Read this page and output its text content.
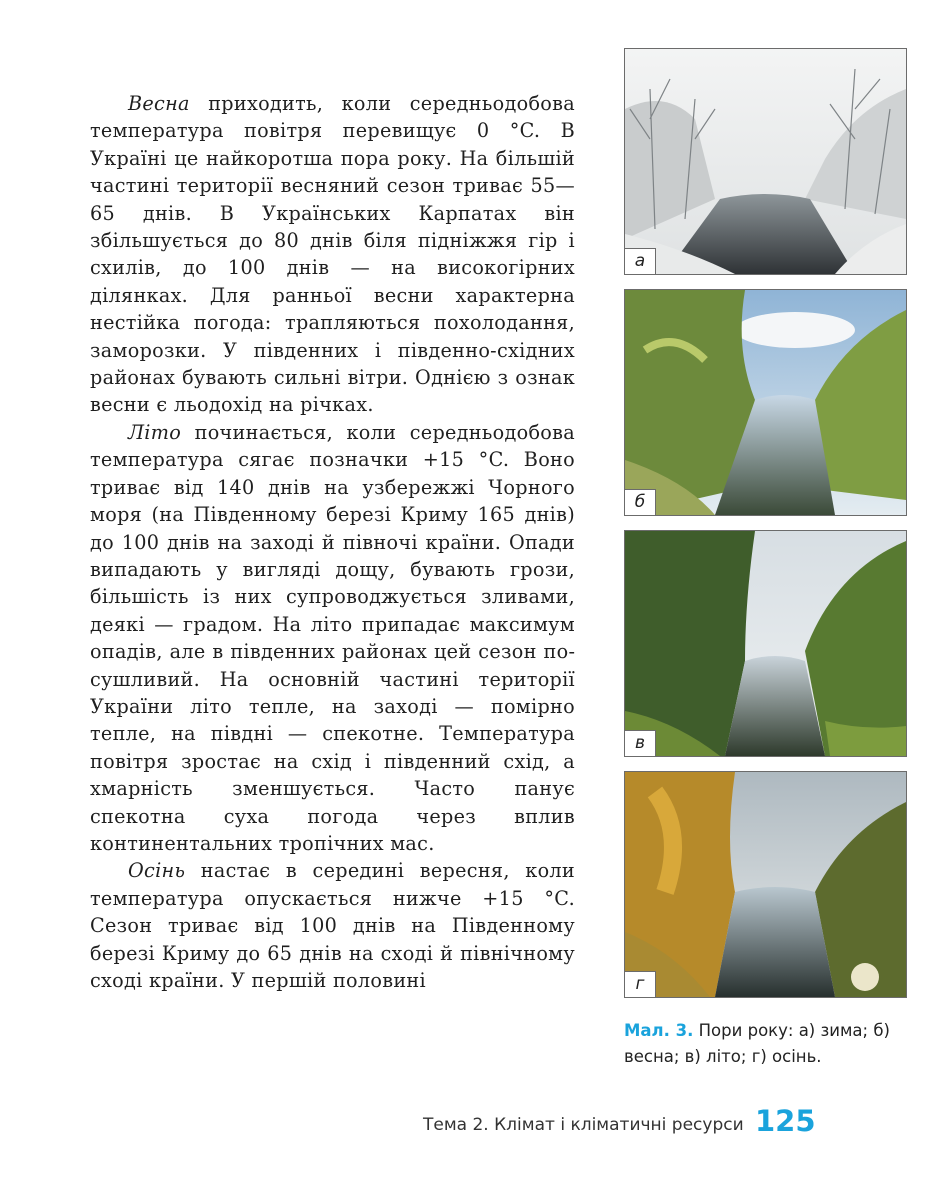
Весна приходить, коли середньодобова температура повітря перевищує 0 °C. В Україні це найкоротша пора року. На більшій частині території весняний сезон триває 55—65 днів. В Українських Карпатах він збільшується до 80 днів біля підніжжя гір і схилів, до 100 днів — на високогірних ділянках. Для ранньої весни характерна нестійка погода: трапляються похолодання, заморозки. У південних і південно-східних районах бувають сильні вітри. Однією з ознак весни є льодохід на річках.

Літо починається, коли середньодобова температура сягає позначки +15 °C. Воно триває від 140 днів на узбережжі Чорного моря (на Південному березі Криму 165 днів) до 100 днів на заході й півночі країни. Опади випадають у вигляді дощу, бувають грози, більшість із них супроводжується зливами, деякі — градом. На літо припадає максимум опадів, але в південних районах цей сезон посушливий. На основній частині території України літо тепле, на заході — помірно тепле, на півдні — спекотне. Температура повітря зростає на схід і південний схід, а хмарність зменшується. Часто панує спекотна суха погода через вплив континентальних тропічних мас.

Осінь настає в середині вересня, коли температура опускається нижче +15 °C. Сезон триває від 100 днів на Південному березі Криму до 65 днів на сході й північному сході країни. У першій половині

а
б
в
г
Мал. 3. Пори року: а) зима; б) весна; в) літо; г) осінь.
Тема 2. Клімат і кліматичні ресурси 125
